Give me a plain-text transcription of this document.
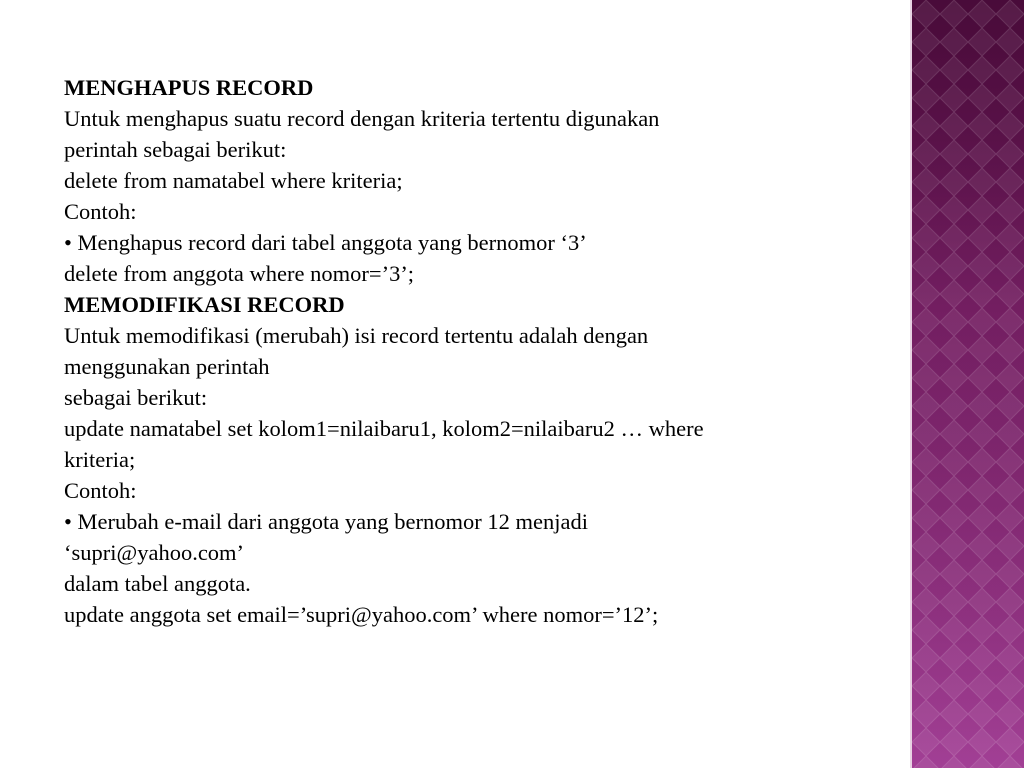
MENGHAPUS RECORD
Untuk menghapus suatu record dengan kriteria tertentu digunakan
perintah sebagai berikut:
delete from namatabel where kriteria;
Contoh:
• Menghapus record dari tabel anggota yang bernomor ‘3’
delete from anggota where nomor=’3’;
MEMODIFIKASI RECORD
Untuk memodifikasi (merubah) isi record tertentu adalah dengan
menggunakan perintah
sebagai berikut:
update namatabel set kolom1=nilaibaru1, kolom2=nilaibaru2 … where
kriteria;
Contoh:
• Merubah e-mail dari anggota yang bernomor 12 menjadi
‘supri@yahoo.com’
dalam tabel anggota.
update anggota set email=’supri@yahoo.com’ where nomor=’12’;
